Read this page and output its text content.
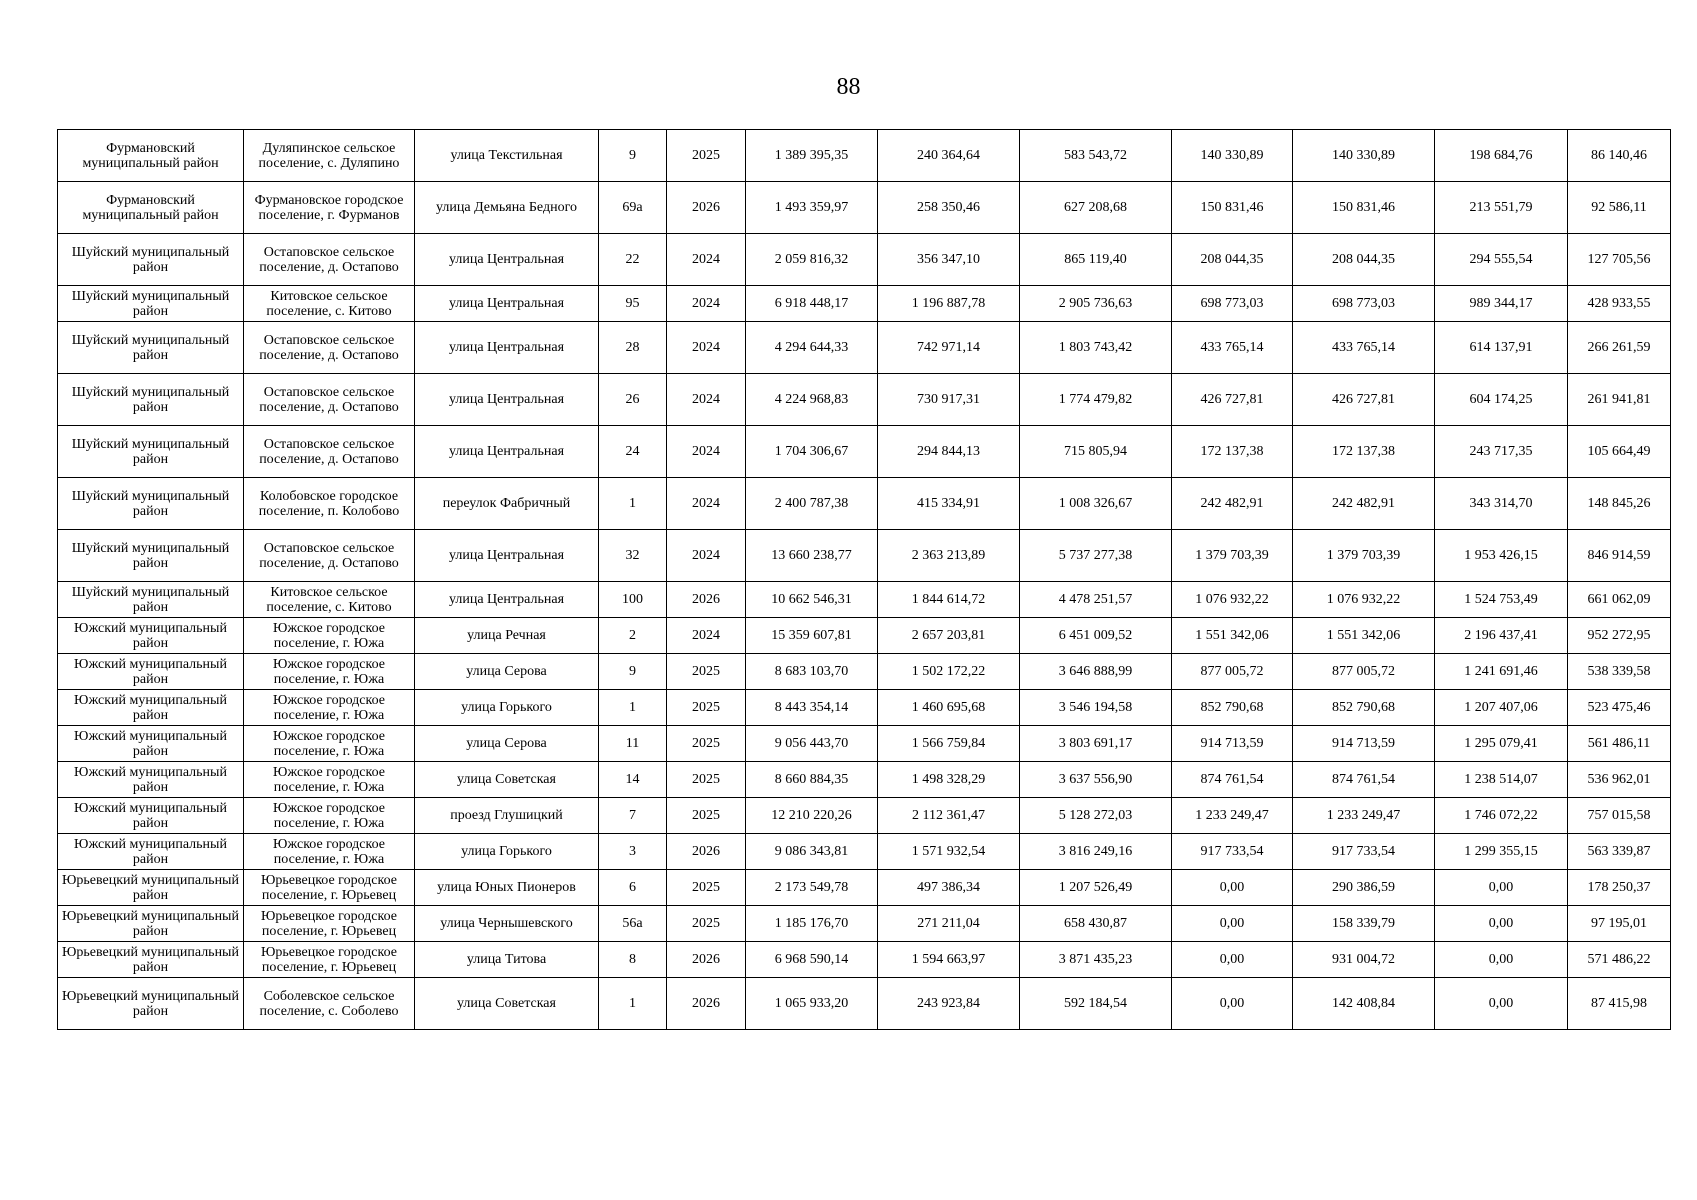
88
Фурмановский муниципальный район	Дуляпинское сельское поселение, с. Дуляпино	улица Текстильная	9	2025	1 389 395,35	240 364,64	583 543,72	140 330,89	140 330,89	198 684,76	86 140,46
Фурмановский муниципальный район	Фурмановское городское поселение, г. Фурманов	улица Демьяна Бедного	69а	2026	1 493 359,97	258 350,46	627 208,68	150 831,46	150 831,46	213 551,79	92 586,11
Шуйский муниципальный район	Остаповское сельское поселение, д. Остапово	улица Центральная	22	2024	2 059 816,32	356 347,10	865 119,40	208 044,35	208 044,35	294 555,54	127 705,56
Шуйский муниципальный район	Китовское сельское поселение, с. Китово	улица Центральная	95	2024	6 918 448,17	1 196 887,78	2 905 736,63	698 773,03	698 773,03	989 344,17	428 933,55
Шуйский муниципальный район	Остаповское сельское поселение, д. Остапово	улица Центральная	28	2024	4 294 644,33	742 971,14	1 803 743,42	433 765,14	433 765,14	614 137,91	266 261,59
Шуйский муниципальный район	Остаповское сельское поселение, д. Остапово	улица Центральная	26	2024	4 224 968,83	730 917,31	1 774 479,82	426 727,81	426 727,81	604 174,25	261 941,81
Шуйский муниципальный район	Остаповское сельское поселение, д. Остапово	улица Центральная	24	2024	1 704 306,67	294 844,13	715 805,94	172 137,38	172 137,38	243 717,35	105 664,49
Шуйский муниципальный район	Колобовское городское поселение, п. Колобово	переулок Фабричный	1	2024	2 400 787,38	415 334,91	1 008 326,67	242 482,91	242 482,91	343 314,70	148 845,26
Шуйский муниципальный район	Остаповское сельское поселение, д. Остапово	улица Центральная	32	2024	13 660 238,77	2 363 213,89	5 737 277,38	1 379 703,39	1 379 703,39	1 953 426,15	846 914,59
Шуйский муниципальный район	Китовское сельское поселение, с. Китово	улица Центральная	100	2026	10 662 546,31	1 844 614,72	4 478 251,57	1 076 932,22	1 076 932,22	1 524 753,49	661 062,09
Южский муниципальный район	Южское городское поселение, г. Южа	улица Речная	2	2024	15 359 607,81	2 657 203,81	6 451 009,52	1 551 342,06	1 551 342,06	2 196 437,41	952 272,95
Южский муниципальный район	Южское городское поселение, г. Южа	улица Серова	9	2025	8 683 103,70	1 502 172,22	3 646 888,99	877 005,72	877 005,72	1 241 691,46	538 339,58
Южский муниципальный район	Южское городское поселение, г. Южа	улица Горького	1	2025	8 443 354,14	1 460 695,68	3 546 194,58	852 790,68	852 790,68	1 207 407,06	523 475,46
Южский муниципальный район	Южское городское поселение, г. Южа	улица Серова	11	2025	9 056 443,70	1 566 759,84	3 803 691,17	914 713,59	914 713,59	1 295 079,41	561 486,11
Южский муниципальный район	Южское городское поселение, г. Южа	улица Советская	14	2025	8 660 884,35	1 498 328,29	3 637 556,90	874 761,54	874 761,54	1 238 514,07	536 962,01
Южский муниципальный район	Южское городское поселение, г. Южа	проезд Глушицкий	7	2025	12 210 220,26	2 112 361,47	5 128 272,03	1 233 249,47	1 233 249,47	1 746 072,22	757 015,58
Южский муниципальный район	Южское городское поселение, г. Южа	улица Горького	3	2026	9 086 343,81	1 571 932,54	3 816 249,16	917 733,54	917 733,54	1 299 355,15	563 339,87
Юрьевецкий муниципальный район	Юрьевецкое городское поселение, г. Юрьевец	улица Юных Пионеров	6	2025	2 173 549,78	497 386,34	1 207 526,49	0,00	290 386,59	0,00	178 250,37
Юрьевецкий муниципальный район	Юрьевецкое городское поселение, г. Юрьевец	улица Чернышевского	56а	2025	1 185 176,70	271 211,04	658 430,87	0,00	158 339,79	0,00	97 195,01
Юрьевецкий муниципальный район	Юрьевецкое городское поселение, г. Юрьевец	улица Титова	8	2026	6 968 590,14	1 594 663,97	3 871 435,23	0,00	931 004,72	0,00	571 486,22
Юрьевецкий муниципальный район	Соболевское сельское поселение, с. Соболево	улица Советская	1	2026	1 065 933,20	243 923,84	592 184,54	0,00	142 408,84	0,00	87 415,98
